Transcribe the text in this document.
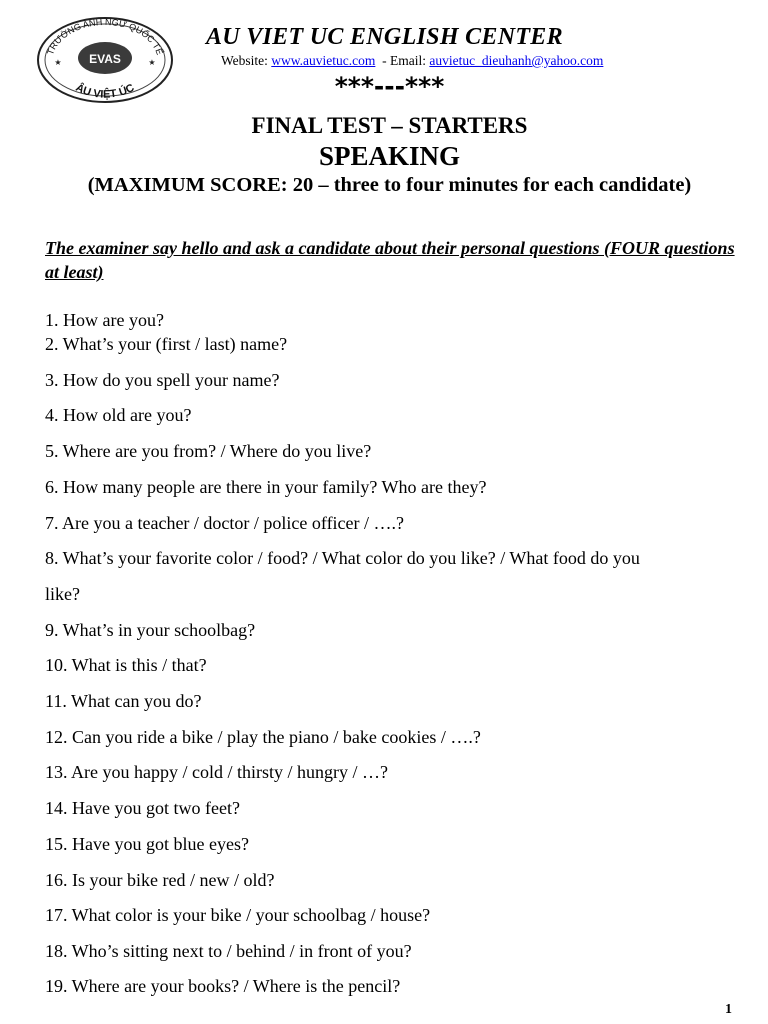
TRƯỜNG ANH NGỮ QUỐC TẾ
ÂU VIỆT ÚC
★	★
EVAS
AU VIET UC ENGLISH CENTER
Website: www.auvietuc.com - Email: auvietuc_dieuhanh@yahoo.com
***---***
FINAL TEST – STARTERS
SPEAKING
(MAXIMUM SCORE: 20 – three to four minutes for each candidate)
The examiner say hello and ask a candidate about their personal questions (FOUR questions at least)
1. How are you?
2. What’s your (first / last) name?
3. How do you spell your name?
4. How old are you?
5. Where are you from? / Where do you live?
6. How many people are there in your family? Who are they?
7. Are you a teacher / doctor / police officer / ….?
8. What’s your favorite color / food? / What color do you like? / What food do you
like?
9. What’s in your schoolbag?
10. What is this / that?
11. What can you do?
12. Can you ride a bike / play the piano / bake cookies / ….?
13. Are you happy / cold / thirsty / hungry / …?
14. Have you got two feet?
15. Have you got blue eyes?
16. Is your bike red / new / old?
17. What color is your bike / your schoolbag / house?
18. Who’s sitting next to / behind / in front of you?
19. Where are your books? / Where is the pencil?
1
